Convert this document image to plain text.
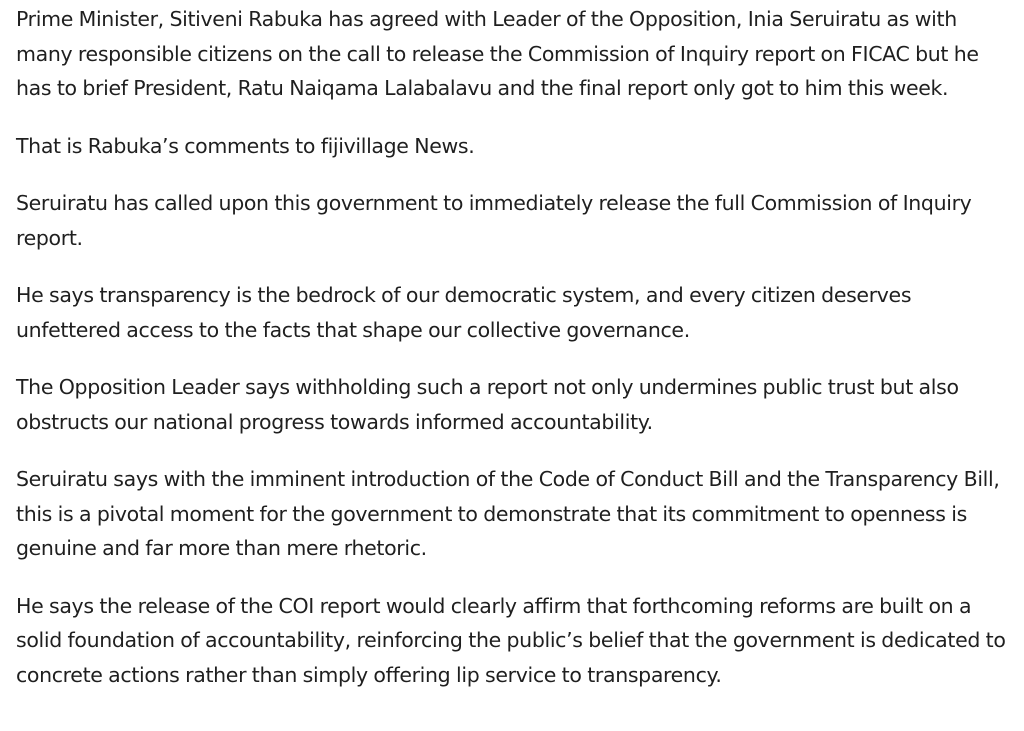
Prime Minister, Sitiveni Rabuka has agreed with Leader of the Opposition, Inia Seruiratu as with many responsible citizens on the call to release the Commission of Inquiry report on FICAC but he has to brief President, Ratu Naiqama Lalabalavu and the final report only got to him this week.

That is Rabuka’s comments to fijivillage News.

Seruiratu has called upon this government to immediately release the full Commission of Inquiry report.

He says transparency is the bedrock of our democratic system, and every citizen deserves unfettered access to the facts that shape our collective governance.

The Opposition Leader says withholding such a report not only undermines public trust but also obstructs our national progress towards informed accountability.

Seruiratu says with the imminent introduction of the Code of Conduct Bill and the Transparency Bill, this is a pivotal moment for the government to demonstrate that its commitment to openness is genuine and far more than mere rhetoric.

He says the release of the COI report would clearly affirm that forthcoming reforms are built on a solid foundation of accountability, reinforcing the public’s belief that the government is dedicated to concrete actions rather than simply offering lip service to transparency.
